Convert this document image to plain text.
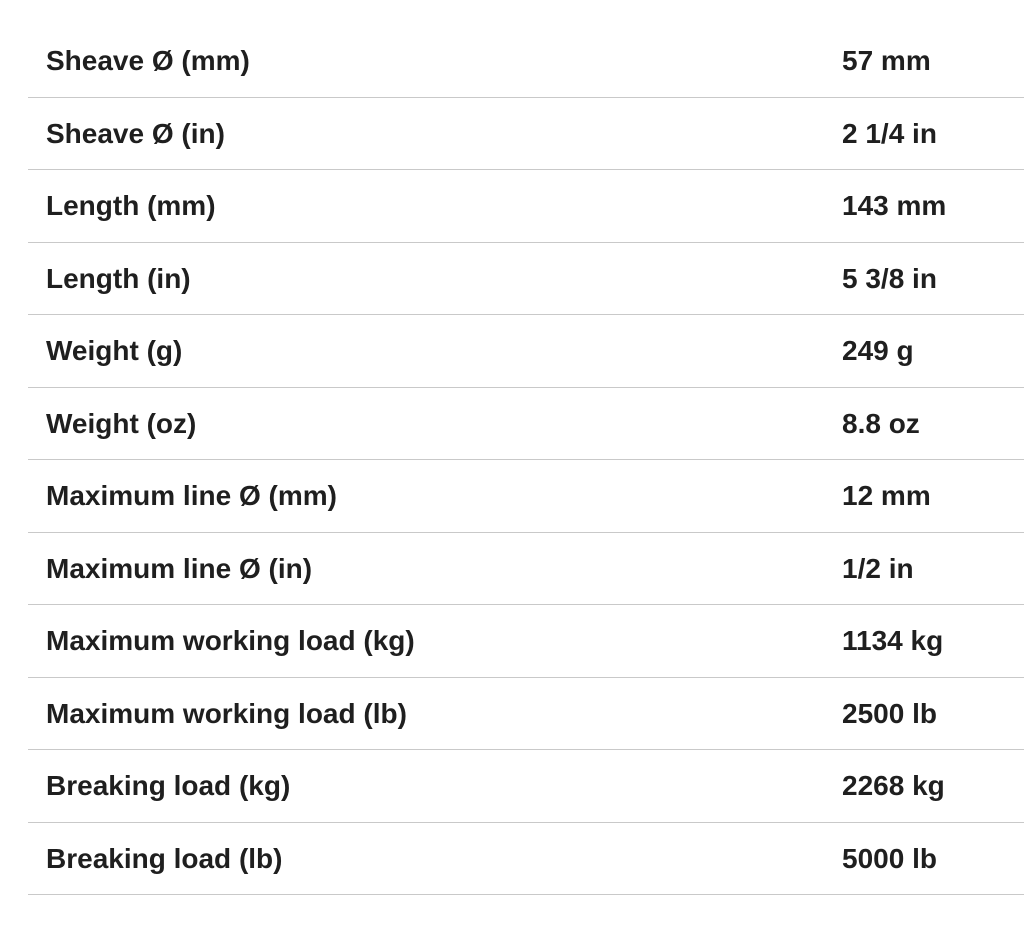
Sheave Ø (mm)	57 mm
Sheave Ø (in)	2 1/4 in
Length (mm)	143 mm
Length (in)	5 3/8 in
Weight (g)	249 g
Weight (oz)	8.8 oz
Maximum line Ø (mm)	12 mm
Maximum line Ø (in)	1/2 in
Maximum working load (kg)	1134 kg
Maximum working load (lb)	2500 lb
Breaking load (kg)	2268 kg
Breaking load (lb)	5000 lb
